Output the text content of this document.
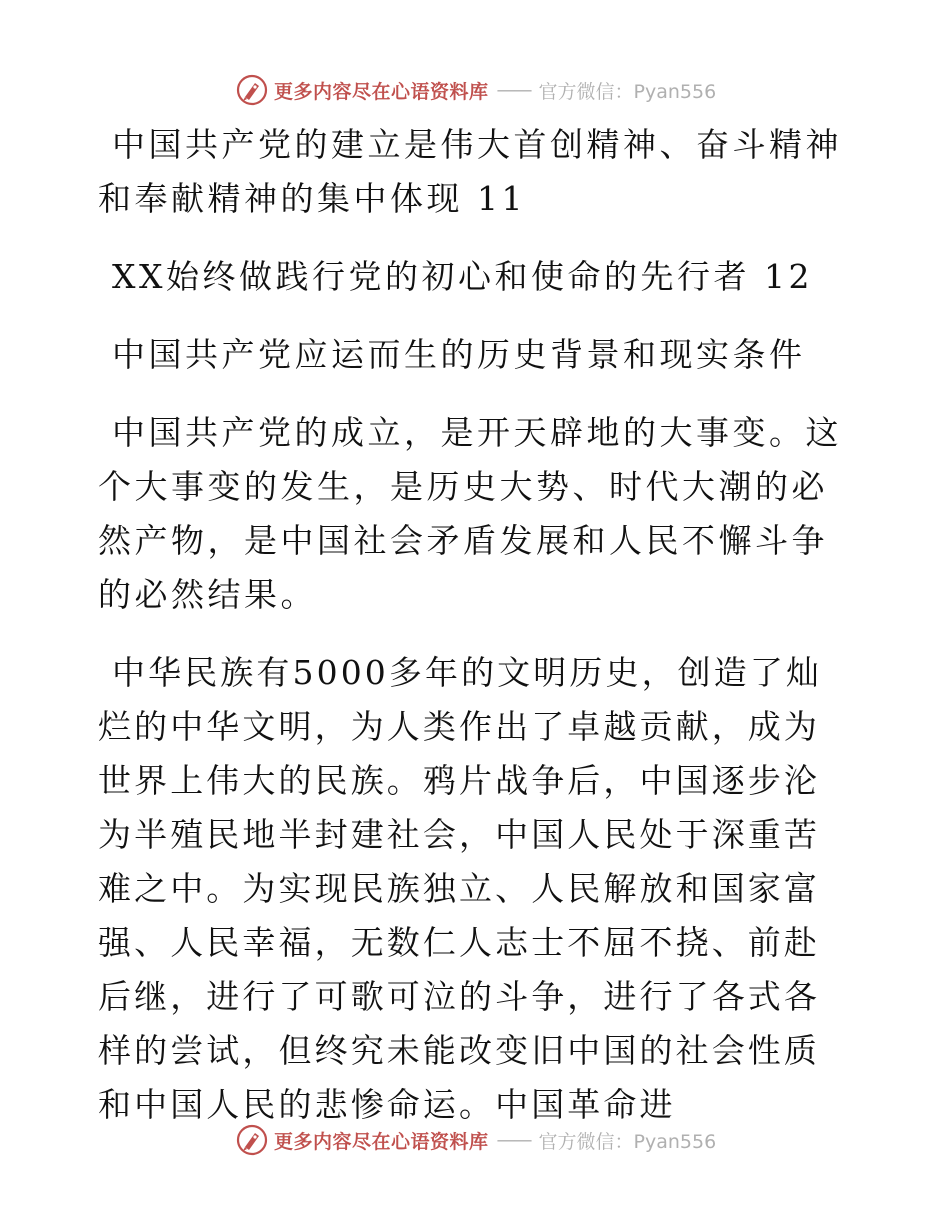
更多内容尽在心语资料库 —— 官方微信：Pyan556

中国共产党的建立是伟大首创精神、奋斗精神和奉献精神的集中体现 11

XX始终做践行党的初心和使命的先行者 12

中国共产党应运而生的历史背景和现实条件

中国共产党的成立，是开天辟地的大事变。这个大事变的发生，是历史大势、时代大潮的必然产物，是中国社会矛盾发展和人民不懈斗争的必然结果。

中华民族有5000多年的文明历史，创造了灿烂的中华文明，为人类作出了卓越贡献，成为世界上伟大的民族。鸦片战争后，中国逐步沦为半殖民地半封建社会，中国人民处于深重苦难之中。为实现民族独立、人民解放和国家富强、人民幸福，无数仁人志士不屈不挠、前赴后继，进行了可歌可泣的斗争，进行了各式各样的尝试，但终究未能改变旧中国的社会性质和中国人民的悲惨命运。中国革命进

更多内容尽在心语资料库 —— 官方微信：Pyan556
